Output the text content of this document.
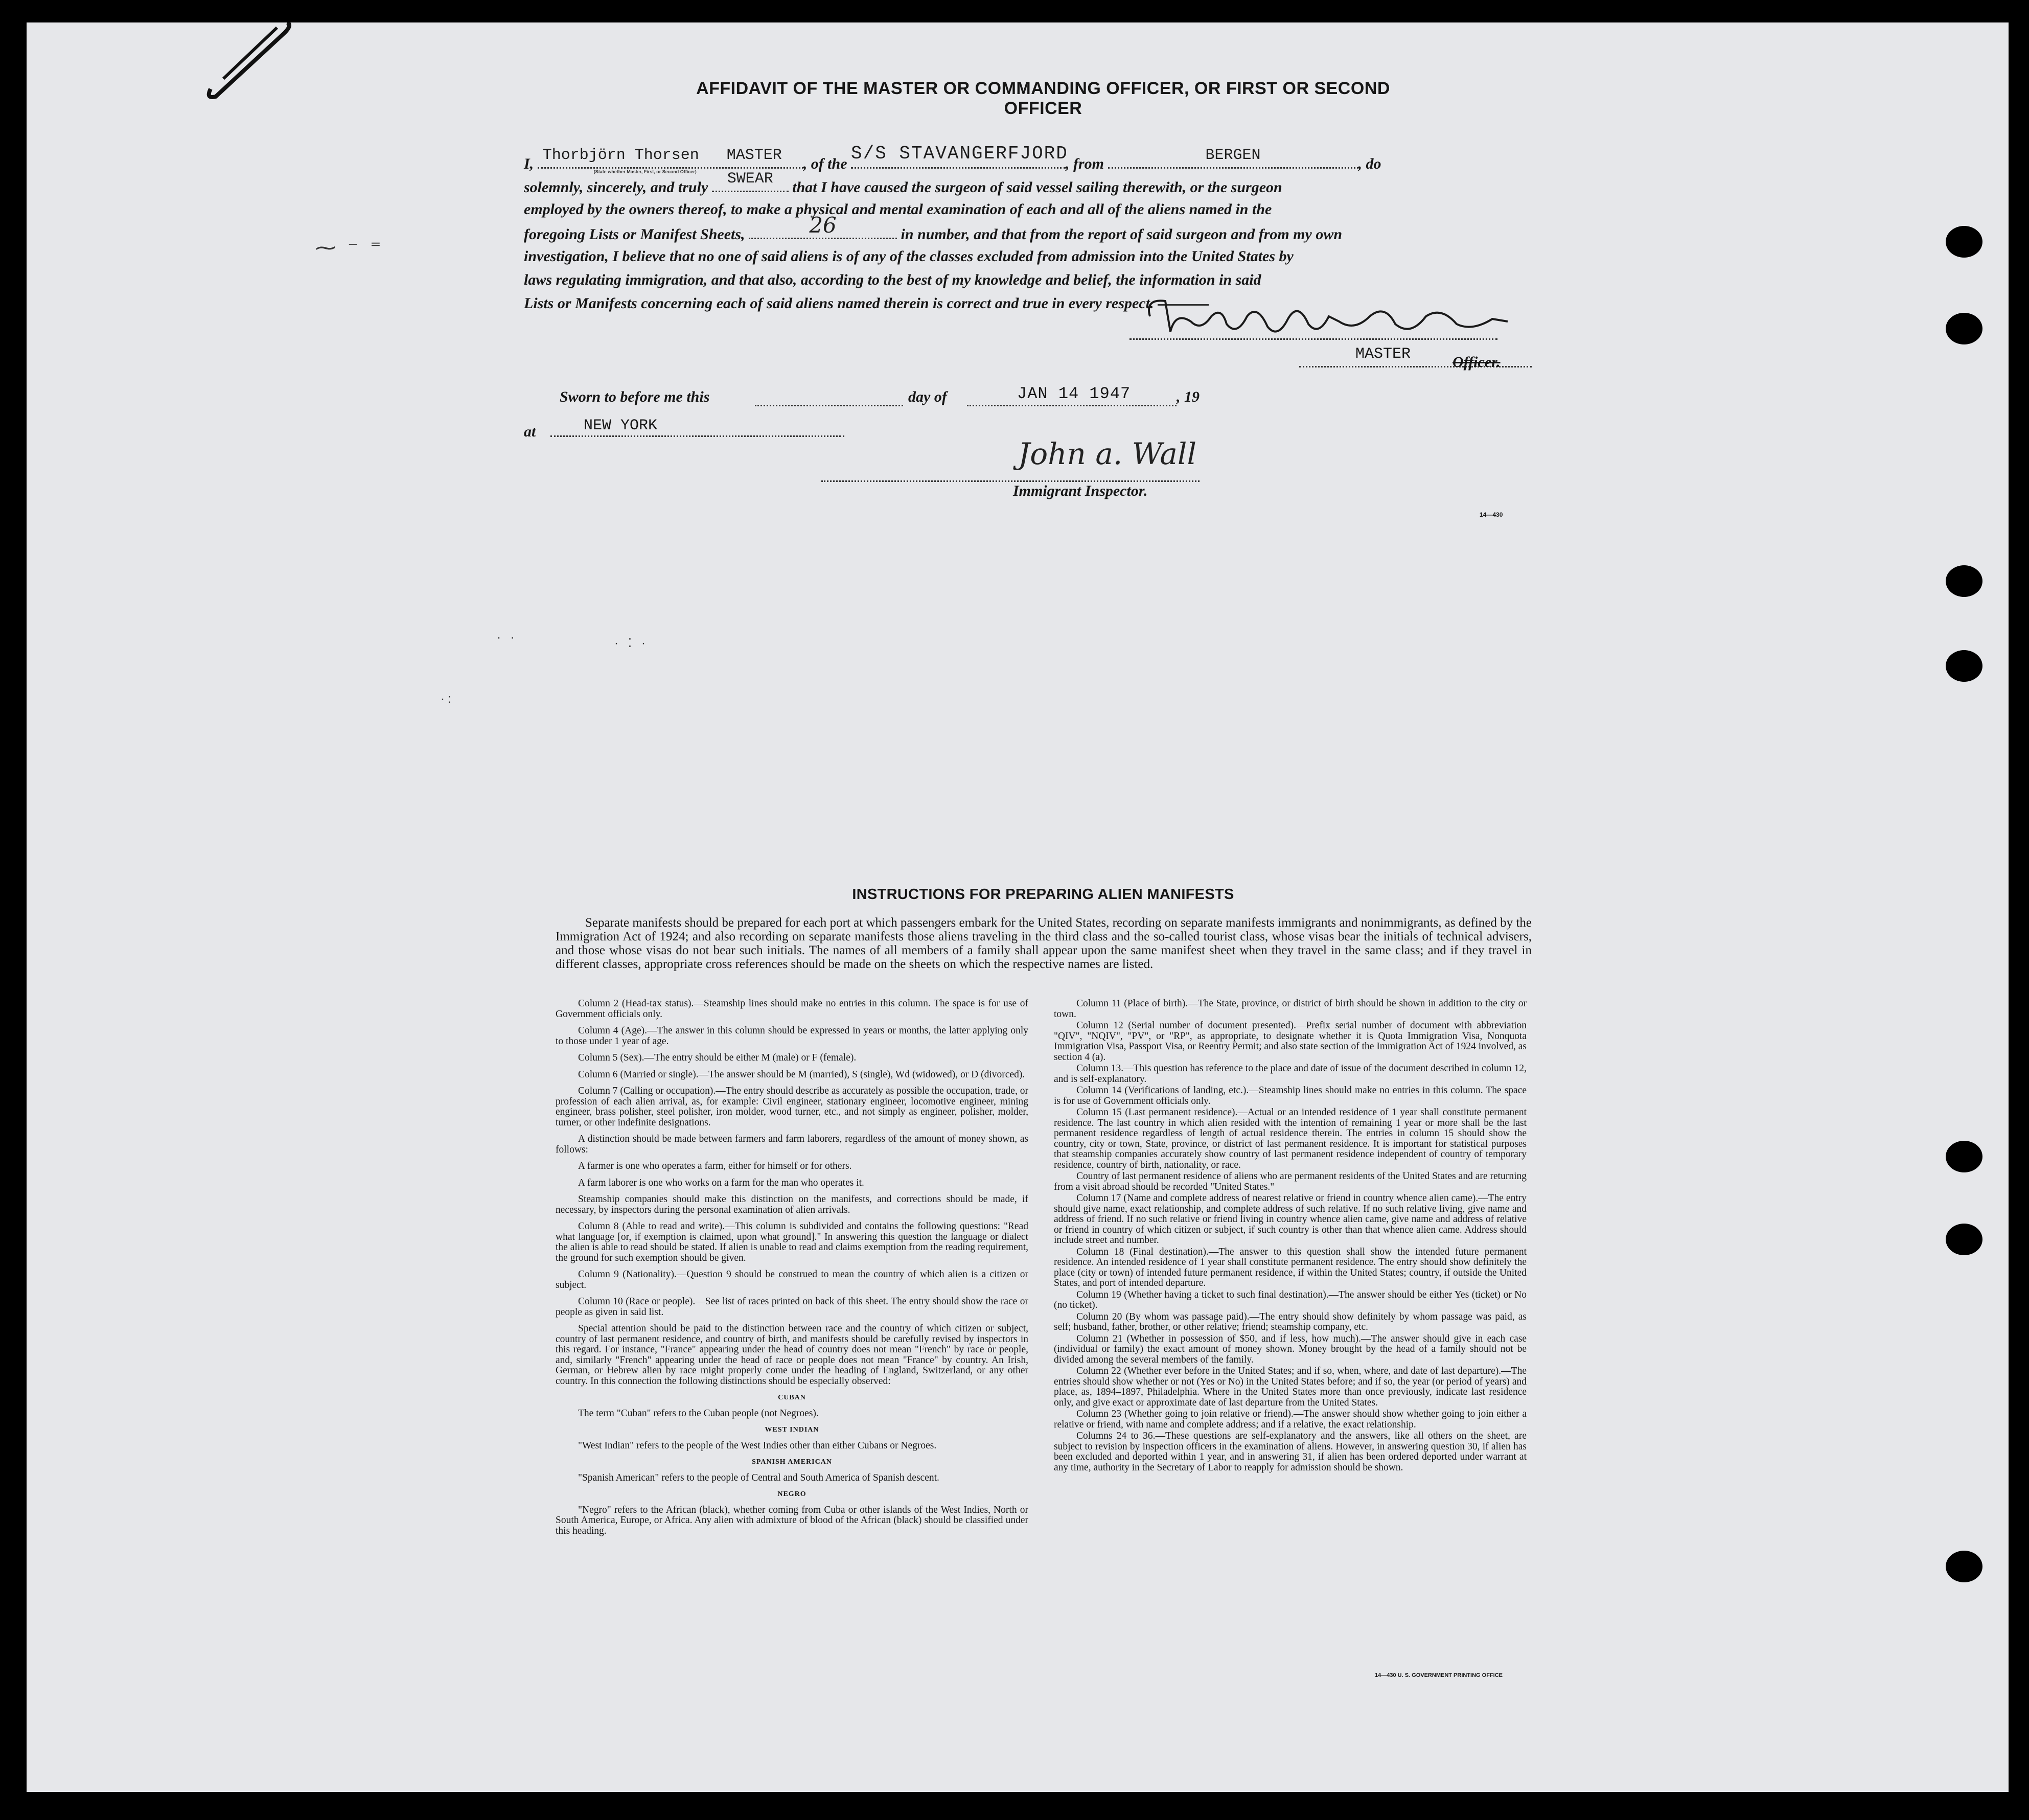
⁓ ⁻ ⁼
· ·	· ⁚ ·
·:
AFFIDAVIT OF THE MASTER OR COMMANDING OFFICER, OR FIRST OR SECOND OFFICER
I, Thorbjörn Thorsen MASTER
(State whether Master, First, or Second Officer)	, of the S/S STAVANGERFJORD
, from	BERGEN	, do
solemnly, sincerely, and truly	SWEAR	that I have caused the surgeon of said vessel sailing therewith, or the surgeon
employed by the owners thereof, to make a physical and mental examination of each and all of the aliens named in the
foregoing Lists or Manifest Sheets,	26	in number, and that from the report of said surgeon and from my own
investigation, I believe that no one of said aliens is of any of the classes excluded from admission into the United States by
laws regulating immigration, and that also, according to the best of my knowledge and belief, the information in said
Lists or Manifests concerning each of said aliens named therein is correct and true in every respect.
MASTER	Officer.
Sworn to before me this	day of	JAN 14 1947	, 19
at	NEW YORK
John a. Wall
Immigrant Inspector.
14—430
INSTRUCTIONS FOR PREPARING ALIEN MANIFESTS

Separate manifests should be prepared for each port at which passengers embark for the United States, recording on separate manifests immigrants and nonimmigrants, as defined by the Immigration Act of 1924; and also recording on separate manifests those aliens traveling in the third class and the so-called tourist class, whose visas bear the initials of technical advisers, and those whose visas do not bear such initials. The names of all members of a family shall appear upon the same manifest sheet when they travel in the same class; and if they travel in different classes, appropriate cross references should be made on the sheets on which the respective names are listed.

Column 2 (Head-tax status).—Steamship lines should make no entries in this column. The space is for use of Government officials only.

Column 4 (Age).—The answer in this column should be expressed in years or months, the latter applying only to those under 1 year of age.

Column 5 (Sex).—The entry should be either M (male) or F (female).

Column 6 (Married or single).—The answer should be M (married), S (single), Wd (widowed), or D (divorced).

Column 7 (Calling or occupation).—The entry should describe as accurately as possible the occupation, trade, or profession of each alien arrival, as, for example: Civil engineer, stationary engineer, locomotive engineer, mining engineer, brass polisher, steel polisher, iron molder, wood turner, etc., and not simply as engineer, polisher, molder, turner, or other indefinite designations.

A distinction should be made between farmers and farm laborers, regardless of the amount of money shown, as follows:

A farmer is one who operates a farm, either for himself or for others.

A farm laborer is one who works on a farm for the man who operates it.

Steamship companies should make this distinction on the manifests, and corrections should be made, if necessary, by inspectors during the personal examination of alien arrivals.

Column 8 (Able to read and write).—This column is subdivided and contains the following questions: "Read what language [or, if exemption is claimed, upon what ground]." In answering this question the language or dialect the alien is able to read should be stated. If alien is unable to read and claims exemption from the reading requirement, the ground for such exemption should be given.

Column 9 (Nationality).—Question 9 should be construed to mean the country of which alien is a citizen or subject.

Column 10 (Race or people).—See list of races printed on back of this sheet. The entry should show the race or people as given in said list.

Special attention should be paid to the distinction between race and the country of which citizen or subject, country of last permanent residence, and country of birth, and manifests should be carefully revised by inspectors in this regard. For instance, "France" appearing under the head of country does not mean "French" by race or people, and, similarly "French" appearing under the head of race or people does not mean "France" by country. An Irish, German, or Hebrew alien by race might properly come under the heading of England, Switzerland, or any other country. In this connection the following distinctions should be especially observed:

CUBAN

The term "Cuban" refers to the Cuban people (not Negroes).

WEST INDIAN

"West Indian" refers to the people of the West Indies other than either Cubans or Negroes.

SPANISH AMERICAN

"Spanish American" refers to the people of Central and South America of Spanish descent.

NEGRO

"Negro" refers to the African (black), whether coming from Cuba or other islands of the West Indies, North or South America, Europe, or Africa. Any alien with admixture of blood of the African (black) should be classified under this heading.

Column 11 (Place of birth).—The State, province, or district of birth should be shown in addition to the city or town.

Column 12 (Serial number of document presented).—Prefix serial number of document with abbreviation "QIV", "NQIV", "PV", or "RP", as appropriate, to designate whether it is Quota Immigration Visa, Nonquota Immigration Visa, Passport Visa, or Reentry Permit; and also state section of the Immigration Act of 1924 involved, as section 4 (a).

Column 13.—This question has reference to the place and date of issue of the document described in column 12, and is self-explanatory.

Column 14 (Verifications of landing, etc.).—Steamship lines should make no entries in this column. The space is for use of Government officials only.

Column 15 (Last permanent residence).—Actual or an intended residence of 1 year shall constitute permanent residence. The last country in which alien resided with the intention of remaining 1 year or more shall be the last permanent residence regardless of length of actual residence therein. The entries in column 15 should show the country, city or town, State, province, or district of last permanent residence. It is important for statistical purposes that steamship companies accurately show country of last permanent residence independent of country of temporary residence, country of birth, nationality, or race.

Country of last permanent residence of aliens who are permanent residents of the United States and are returning from a visit abroad should be recorded "United States."

Column 17 (Name and complete address of nearest relative or friend in country whence alien came).—The entry should give name, exact relationship, and complete address of such relative. If no such relative living, give name and address of friend. If no such relative or friend living in country whence alien came, give name and address of relative or friend in country of which citizen or subject, if such country is other than that whence alien came. Address should include street and number.

Column 18 (Final destination).—The answer to this question shall show the intended future permanent residence. An intended residence of 1 year shall constitute permanent residence. The entry should show definitely the place (city or town) of intended future permanent residence, if within the United States; country, if outside the United States, and port of intended departure.

Column 19 (Whether having a ticket to such final destination).—The answer should be either Yes (ticket) or No (no ticket).

Column 20 (By whom was passage paid).—The entry should show definitely by whom passage was paid, as self; husband, father, brother, or other relative; friend; steamship company, etc.

Column 21 (Whether in possession of $50, and if less, how much).—The answer should give in each case (individual or family) the exact amount of money shown. Money brought by the head of a family should not be divided among the several members of the family.

Column 22 (Whether ever before in the United States; and if so, when, where, and date of last departure).—The entries should show whether or not (Yes or No) in the United States before; and if so, the year (or period of years) and place, as, 1894–1897, Philadelphia. Where in the United States more than once previously, indicate last residence only, and give exact or approximate date of last departure from the United States.

Column 23 (Whether going to join relative or friend).—The answer should show whether going to join either a relative or friend, with name and complete address; and if a relative, the exact relationship.

Columns 24 to 36.—These questions are self-explanatory and the answers, like all others on the sheet, are subject to revision by inspection officers in the examination of aliens. However, in answering question 30, if alien has been excluded and deported within 1 year, and in answering 31, if alien has been ordered deported under warrant at any time, authority in the Secretary of Labor to reapply for admission should be shown.

14—430 U. S. GOVERNMENT PRINTING OFFICE
